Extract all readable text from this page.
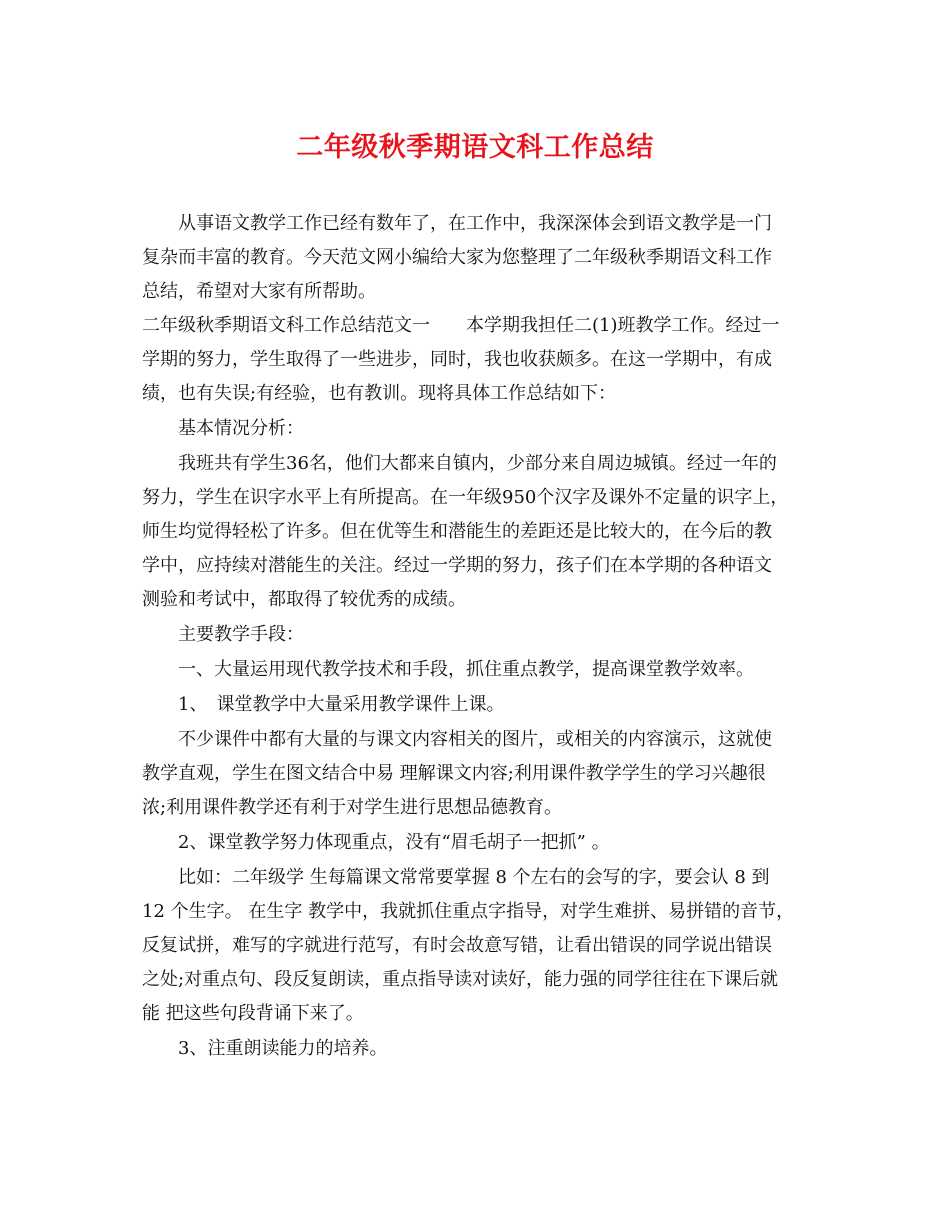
二年级秋季期语文科工作总结
从事语文教学工作已经有数年了，在工作中，我深深体会到语文教学是一门
复杂而丰富的教育。今天范文网小编给大家为您整理了二年级秋季期语文科工作
总结，希望对大家有所帮助。
二年级秋季期语文科工作总结范文一　　本学期我担任二(1)班教学工作。经过一
学期的努力，学生取得了一些进步，同时，我也收获颇多。在这一学期中，有成
绩，也有失误;有经验，也有教训。现将具体工作总结如下：
基本情况分析：
我班共有学生36名，他们大都来自镇内，少部分来自周边城镇。经过一年的
努力，学生在识字水平上有所提高。在一年级950个汉字及课外不定量的识字上，
师生均觉得轻松了许多。但在优等生和潜能生的差距还是比较大的，在今后的教
学中，应持续对潜能生的关注。经过一学期的努力，孩子们在本学期的各种语文
测验和考试中，都取得了较优秀的成绩。
主要教学手段：
一、大量运用现代教学技术和手段，抓住重点教学，提高课堂教学效率。
1、　课堂教学中大量采用教学课件上课。
不少课件中都有大量的与课文内容相关的图片，或相关的内容演示，这就使
教学直观，学生在图文结合中易 理解课文内容;利用课件教学学生的学习兴趣很
浓;利用课件教学还有利于对学生进行思想品德教育。
2、课堂教学努力体现重点，没有“眉毛胡子一把抓” 。
比如：二年级学 生每篇课文常常要掌握 8 个左右的会写的字，要会认 8 到
12 个生字。 在生字 教学中，我就抓住重点字指导，对学生难拼、易拼错的音节，
反复试拼，难写的字就进行范写，有时会故意写错，让看出错误的同学说出错误
之处;对重点句、段反复朗读，重点指导读对读好，能力强的同学往往在下课后就
能 把这些句段背诵下来了。
3、注重朗读能力的培养。
